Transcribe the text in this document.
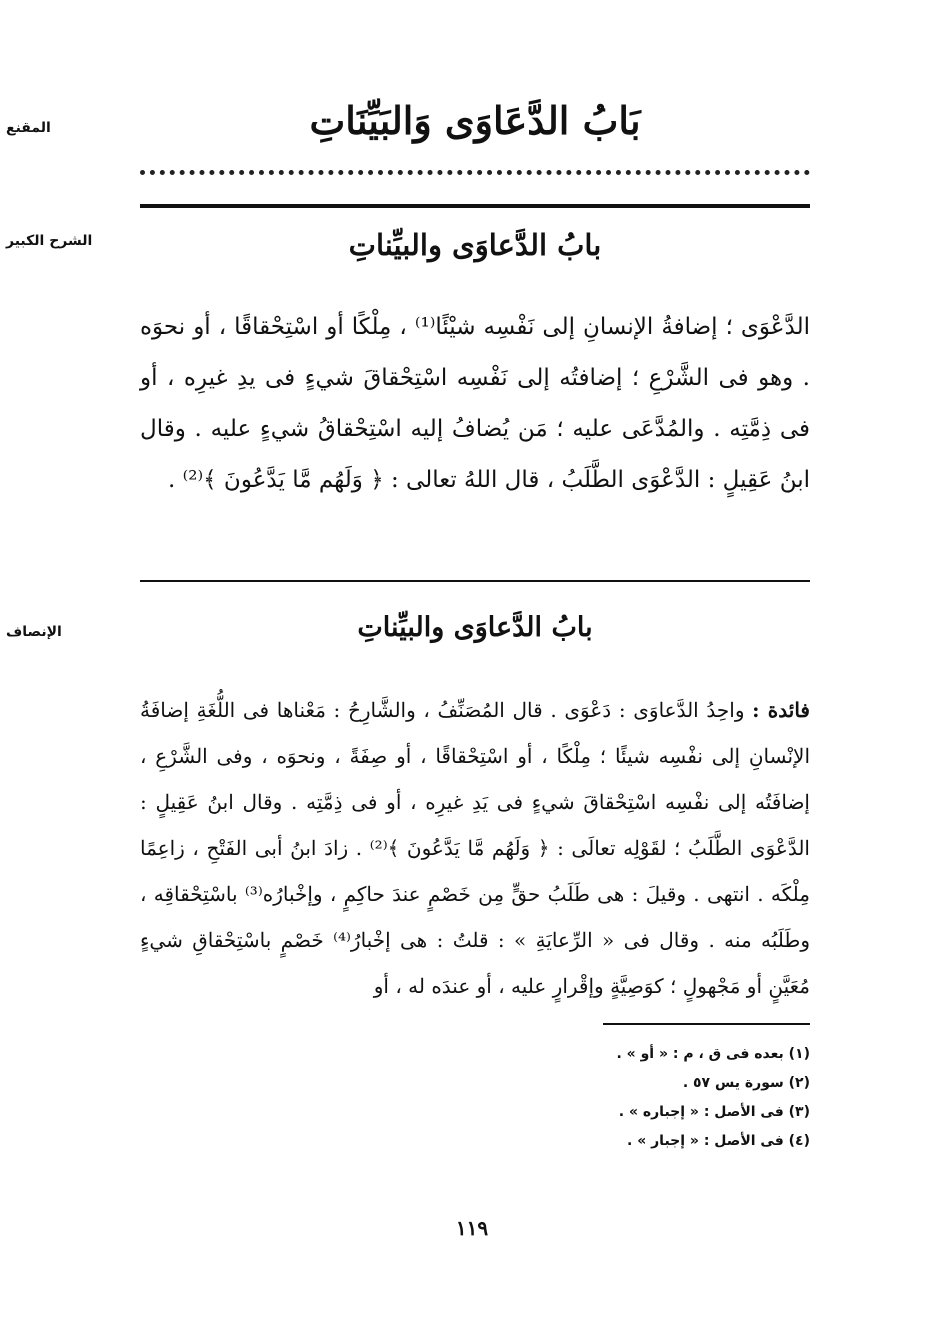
المقنع	بَابُ الدَّعَاوَى وَالبَيِّنَاتِ
الشرح الكبير	بابُ الدَّعاوَى والبيِّناتِ

الدَّعْوَى ؛ إضافةُ الإنسانِ إلى نَفْسِه شيْئًا⁽¹⁾ ، مِلْكًا أو اسْتِحْقاقًا ، أو نحوَه . وهو فى الشَّرْعِ ؛ إضافتُه إلى نَفْسِه اسْتِحْقاقَ شيءٍ فى يدِ غيرِه ، أو فى ذِمَّتِه . والمُدَّعَى عليه ؛ مَن يُضافُ إليه اسْتِحْقاقُ شيءٍ عليه . وقال ابنُ عَقِيلٍ : الدَّعْوَى الطَّلَبُ ، قال اللهُ تعالى : ﴿ وَلَهُم مَّا يَدَّعُونَ ﴾⁽²⁾ .

الإنصاف	بابُ الدَّعاوَى والبيِّناتِ

فائدة : واحِدُ الدَّعاوَى : دَعْوَى . قال المُصَنِّفُ ، والشَّارِحُ : مَعْناها فى اللُّغَةِ إضافَةُ الإنْسانِ إلى نفْسِه شيئًا ؛ مِلْكًا ، أو اسْتِحْقاقًا ، أو صِفَةً ، ونحوَه ، وفى الشَّرْعِ ، إضافَتُه إلى نفْسِه اسْتِحْقاقَ شيءٍ فى يَدِ غيرِه ، أو فى ذِمَّتِه . وقال ابنُ عَقِيلٍ : الدَّعْوَى الطَّلَبُ ؛ لقَوْلِه تعالَى : ﴿ وَلَهُم مَّا يَدَّعُونَ ﴾⁽²⁾ . زادَ ابنُ أبى الفَتْحِ ، زاعِمًا مِلْكَه . انتهى . وقيلَ : هى طَلَبُ حقٍّ مِن خَصْمٍ عندَ حاكِمٍ ، وإخْبارُه⁽³⁾ باسْتِحْقاقِه ، وطَلَبُه منه . وقال فى « الرِّعايَةِ » : قلتُ : هى إخْبارُ⁽⁴⁾ خَصْمٍ باسْتِحْقاقِ شيءٍ مُعَيَّنٍ أو مَجْهولٍ ؛ كوَصِيَّةٍ وإقْرارٍ عليه ، أو عندَه له ، أو

(١) بعده فى ق ، م : « أو » .
(٢) سورة يس ٥٧ .
(٣) فى الأصل : « إجباره » .
(٤) فى الأصل : « إجبار » .
١١٩
